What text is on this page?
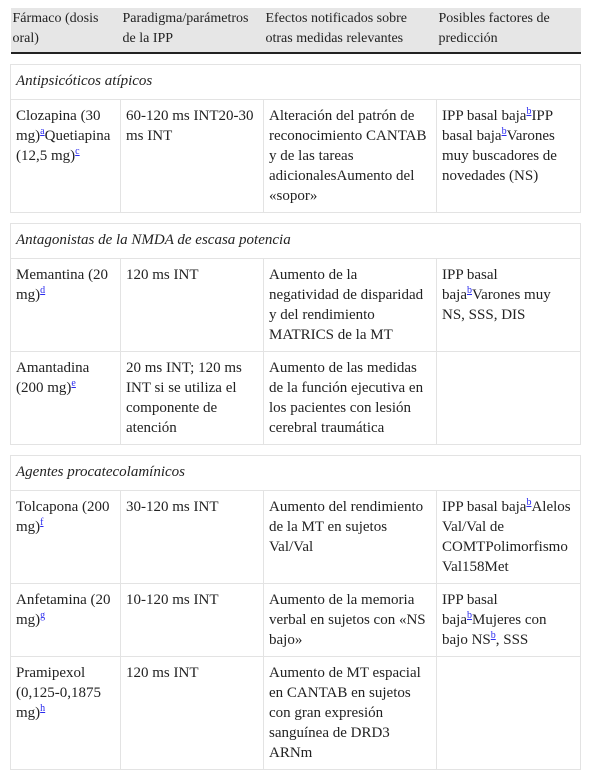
Fármaco (dosis oral)	Paradigma/parámetros de la IPP	Efectos notificados sobre otras medidas relevantes	Posibles factores de predicción

Antipsicóticos atípicos			
Clozapina (30 mg)$^a$Quetiapina (12,5 mg)$^c$	60-120 ms INT20-30 ms INT	Alteración del patrón de reconocimiento CANTAB y de las tareas adicionalesAumento del «sopor»	IPP basal baja$^b$IPP basal baja$^b$Varones muy buscadores de novedades (NS)

Antagonistas de la NMDA de escasa potencia			
Memantina (20 mg)$^d$	120 ms INT	Aumento de la negatividad de disparidad y del rendimiento MATRICS de la MT	IPP basal baja$^b$Varones muy NS, SSS, DIS
Amantadina (200 mg)$^e$	20 ms INT; 120 ms INT si se utiliza el componente de atención	Aumento de las medidas de la función ejecutiva en los pacientes con lesión cerebral traumática	

Agentes procatecolamínicos			
Tolcapona (200 mg)$^f$	30-120 ms INT	Aumento del rendimiento de la MT en sujetos Val/Val	IPP basal baja$^b$Alelos Val/Val de COMTPolimorfismo Val158Met
Anfetamina (20 mg)$^g$	10-120 ms INT	Aumento de la memoria verbal en sujetos con «NS bajo»	IPP basal baja$^b$Mujeres con bajo NS$^b$, SSS
Pramipexol (0,125-0,1875 mg)$^h$	120 ms INT	Aumento de MT espacial en CANTAB en sujetos con gran expresión sanguínea de DRD3 ARNm	
